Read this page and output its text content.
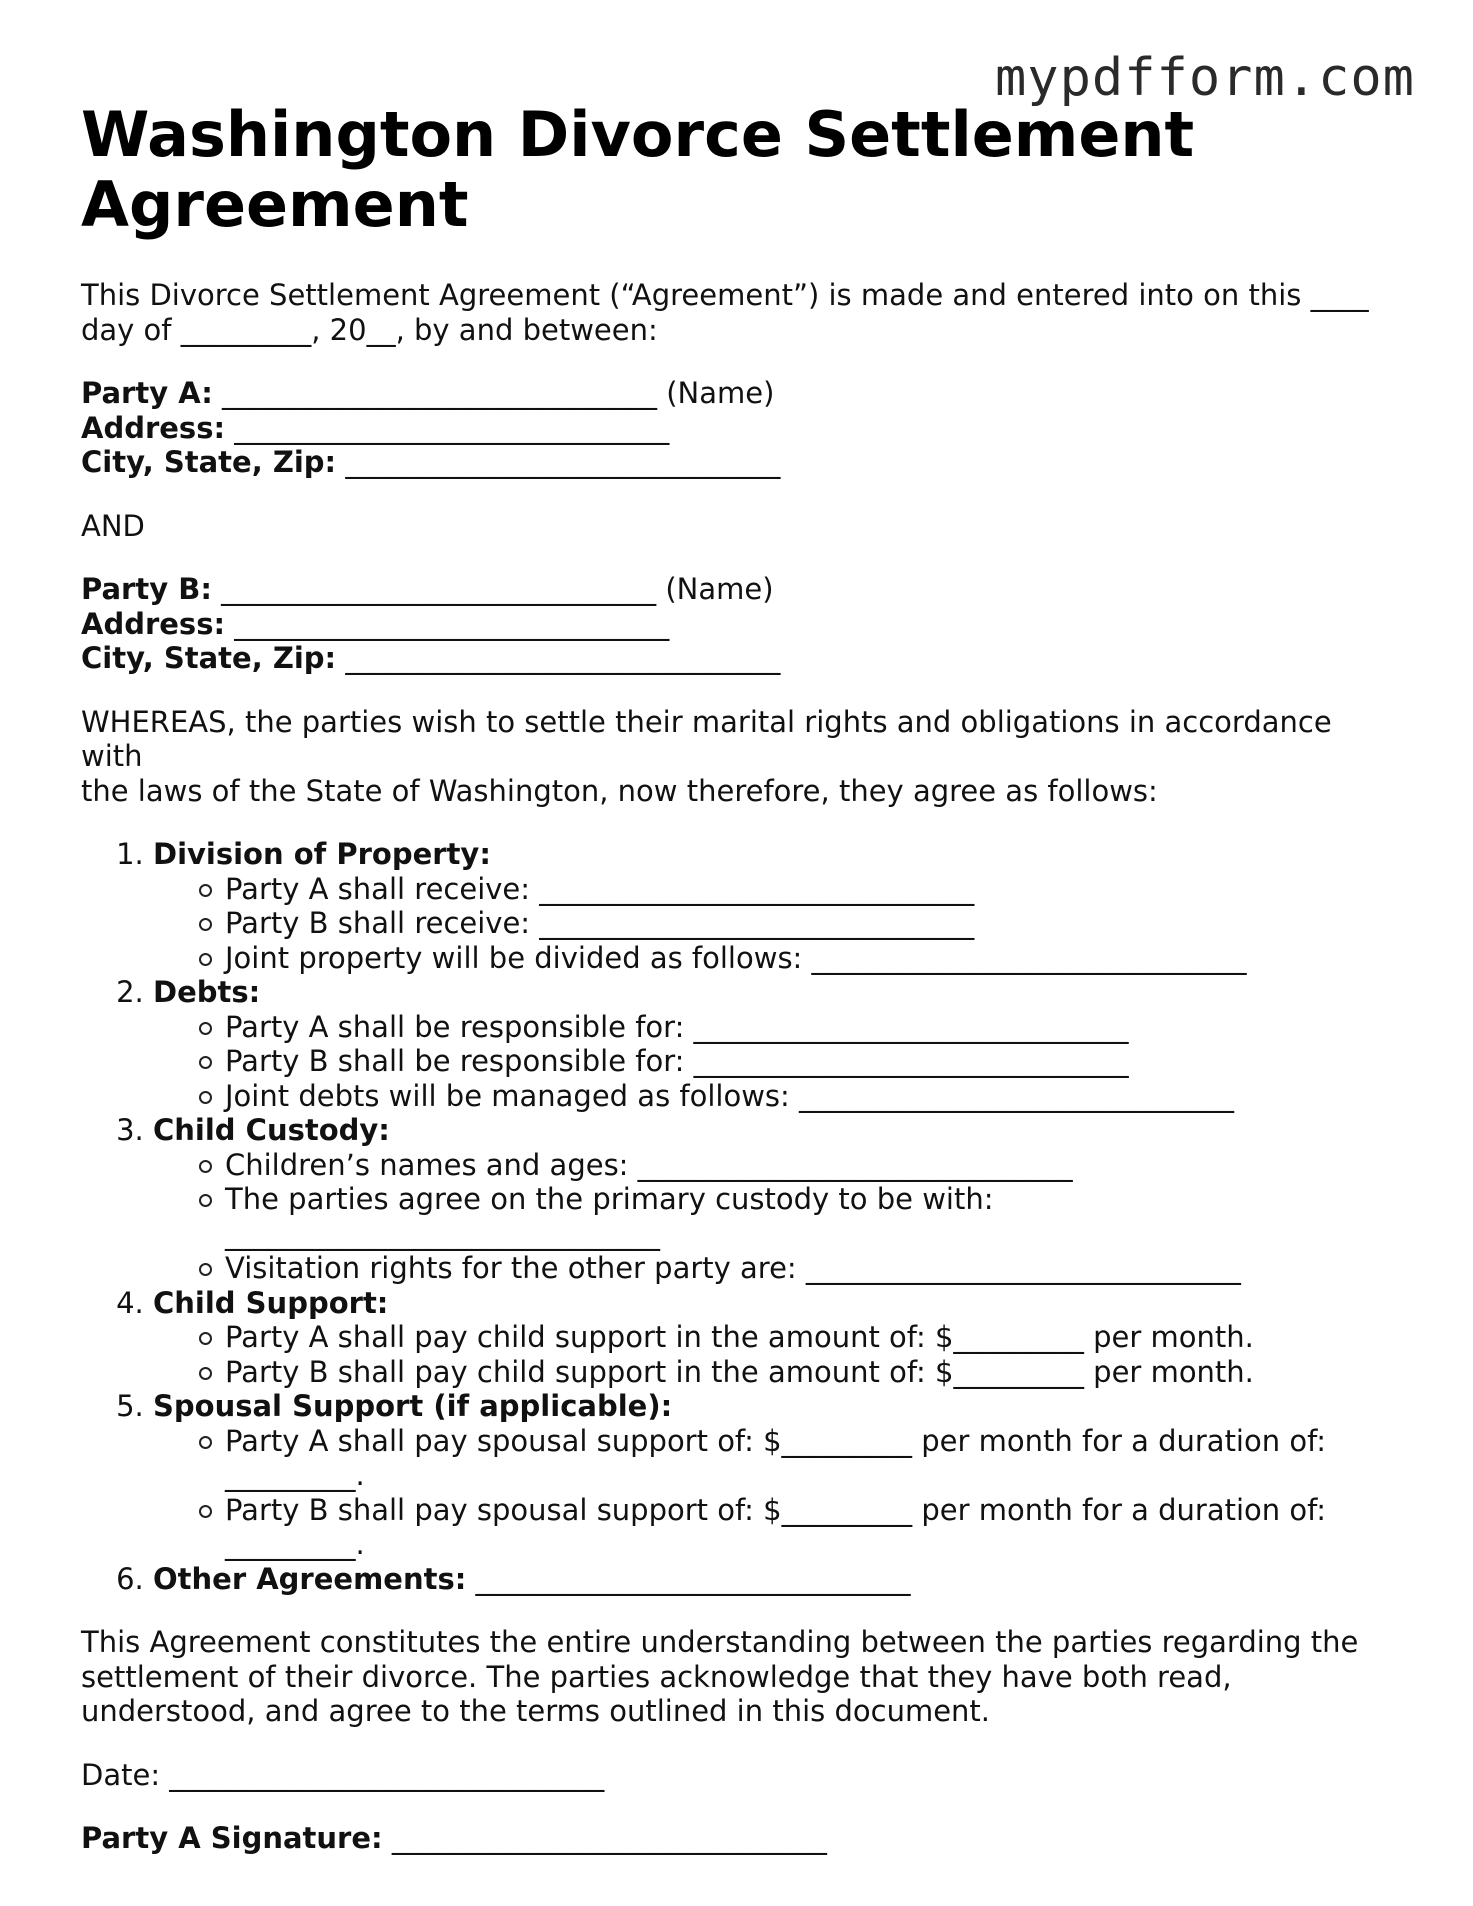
mypdfform.com
Washington Divorce Settlement Agreement

This Divorce Settlement Agreement (“Agreement”) is made and entered into on this ____
day of _________, 20__, by and between:

Party A: ______________________________ (Name)
Address: ______________________________
City, State, Zip: ______________________________

AND

Party B: ______________________________ (Name)
Address: ______________________________
City, State, Zip: ______________________________

WHEREAS, the parties wish to settle their marital rights and obligations in accordance with
the laws of the State of Washington, now therefore, they agree as follows:

1. Division of Property:
Party A shall receive: ______________________________
Party B shall receive: ______________________________
Joint property will be divided as follows: ______________________________
2. Debts:
Party A shall be responsible for: ______________________________
Party B shall be responsible for: ______________________________
Joint debts will be managed as follows: ______________________________
3. Child Custody:
Children’s names and ages: ______________________________
The parties agree on the primary custody to be with:
______________________________
Visitation rights for the other party are: ______________________________
4. Child Support:
Party A shall pay child support in the amount of: $_________ per month.
Party B shall pay child support in the amount of: $_________ per month.
5. Spousal Support (if applicable):
Party A shall pay spousal support of: $_________ per month for a duration of:
_________.
Party B shall pay spousal support of: $_________ per month for a duration of:
_________.
6. Other Agreements: ______________________________

This Agreement constitutes the entire understanding between the parties regarding the
settlement of their divorce. The parties acknowledge that they have both read,
understood, and agree to the terms outlined in this document.

Date: ______________________________

Party A Signature: ______________________________
